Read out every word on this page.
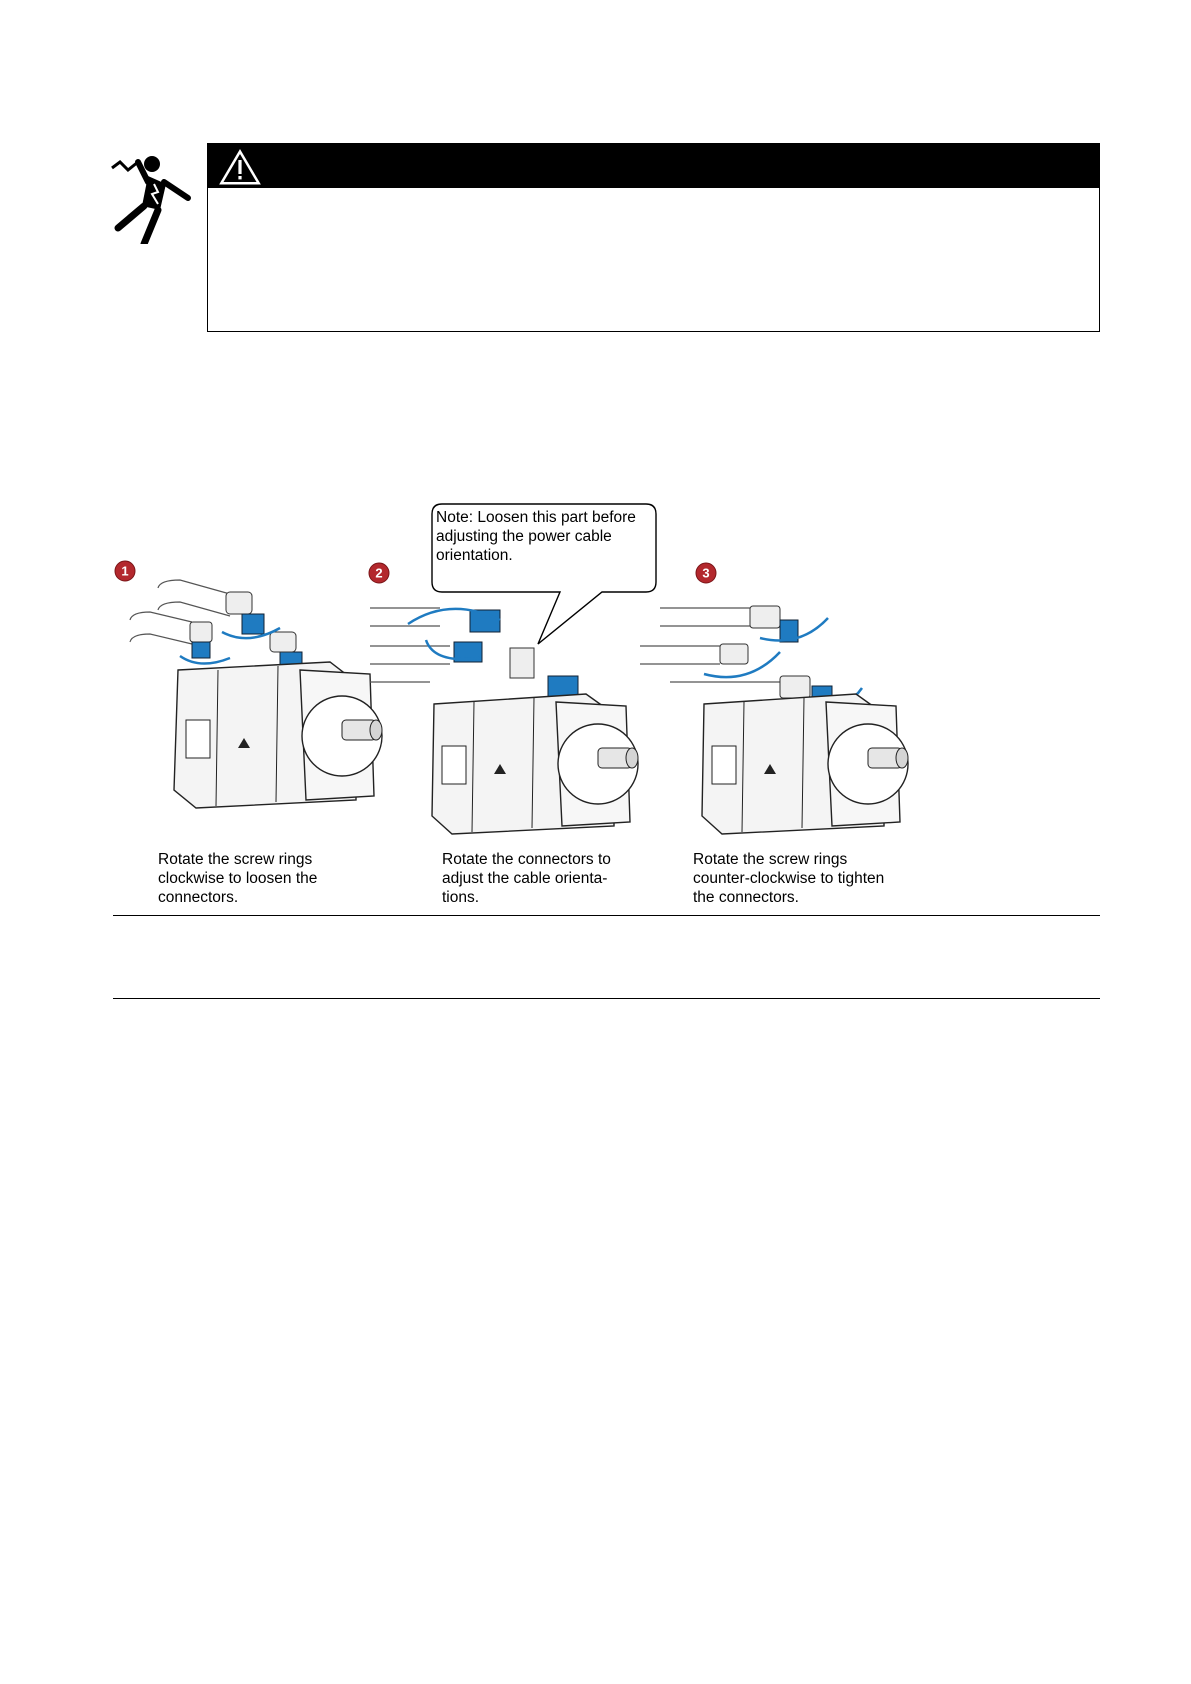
Note: Loosen this part before
adjusting the power cable
orientation.
1	2	3
Rotate the screw rings
clockwise to loosen the
connectors.
Rotate the connectors to
adjust the cable orienta-
tions.
Rotate the screw rings
counter-clockwise to tighten
the connectors.
